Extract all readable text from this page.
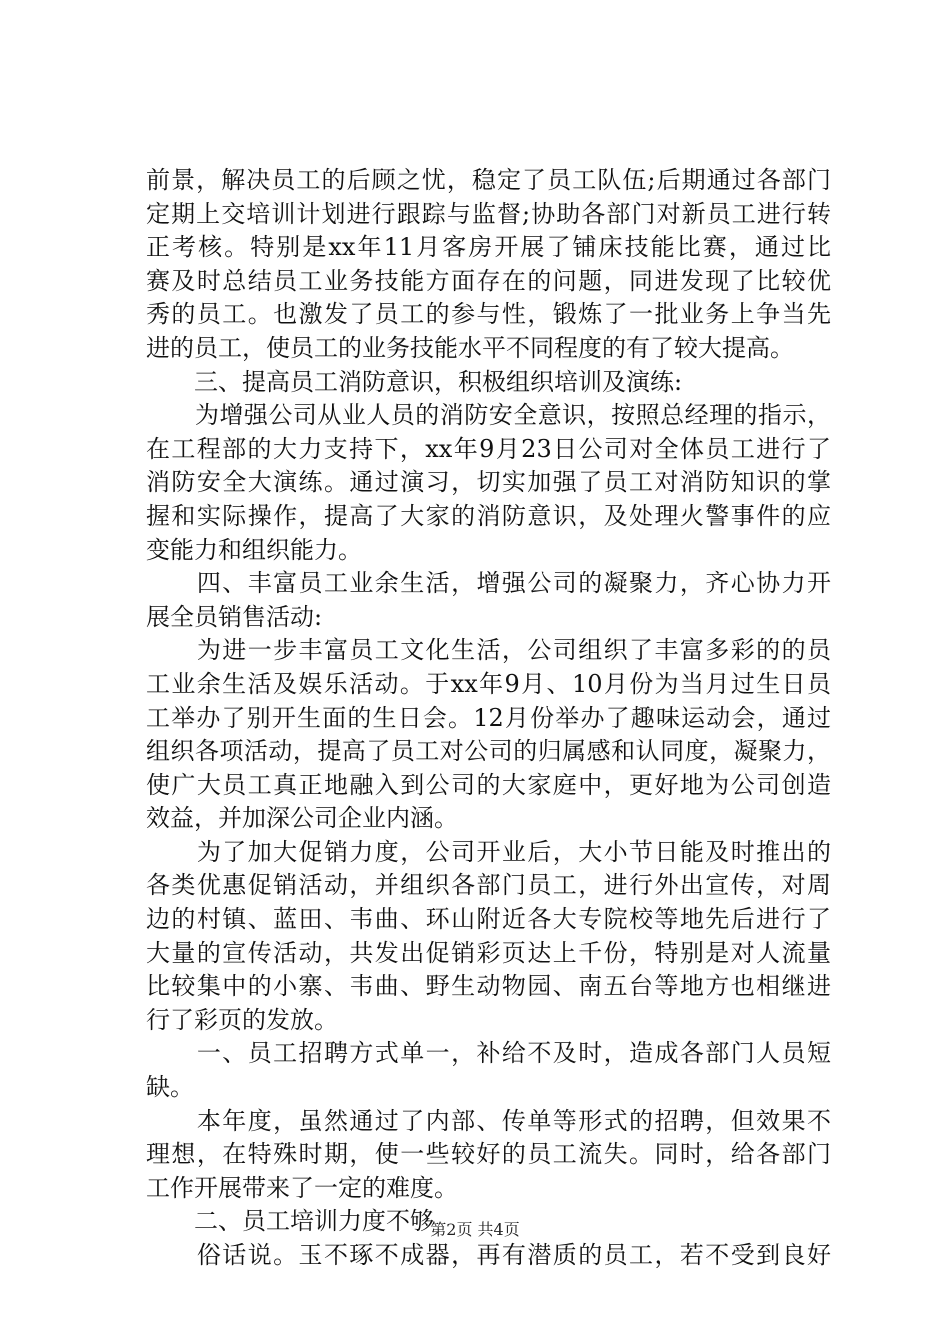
前景，解决员工的后顾之忧，稳定了员工队伍;后期通过各部门
定期上交培训计划进行跟踪与监督;协助各部门对新员工进行转
正考核。特别是xx年11月客房开展了铺床技能比赛，通过比
赛及时总结员工业务技能方面存在的问题，同进发现了比较优
秀的员工。也激发了员工的参与性，锻炼了一批业务上争当先
进的员工，使员工的业务技能水平不同程度的有了较大提高。
　　三、提高员工消防意识，积极组织培训及演练:
　　为增强公司从业人员的消防安全意识，按照总经理的指示，
在工程部的大力支持下，xx年9月23日公司对全体员工进行了
消防安全大演练。通过演习，切实加强了员工对消防知识的掌
握和实际操作，提高了大家的消防意识，及处理火警事件的应
变能力和组织能力。
　　四、丰富员工业余生活，增强公司的凝聚力，齐心协力开
展全员销售活动:
　　为进一步丰富员工文化生活，公司组织了丰富多彩的的员
工业余生活及娱乐活动。于xx年9月、10月份为当月过生日员
工举办了别开生面的生日会。12月份举办了趣味运动会，通过
组织各项活动，提高了员工对公司的归属感和认同度，凝聚力，
使广大员工真正地融入到公司的大家庭中，更好地为公司创造
效益，并加深公司企业内涵。
　　为了加大促销力度，公司开业后，大小节日能及时推出的
各类优惠促销活动，并组织各部门员工，进行外出宣传，对周
边的村镇、蓝田、韦曲、环山附近各大专院校等地先后进行了
大量的宣传活动，共发出促销彩页达上千份，特别是对人流量
比较集中的小寨、韦曲、野生动物园、南五台等地方也相继进
行了彩页的发放。
　　一、员工招聘方式单一，补给不及时，造成各部门人员短
缺。
　　本年度，虽然通过了内部、传单等形式的招聘，但效果不
理想，在特殊时期，使一些较好的员工流失。同时，给各部门
工作开展带来了一定的难度。
　　二、员工培训力度不够
　　俗话说。玉不琢不成器，再有潜质的员工，若不受到良好
第2页 共4页
